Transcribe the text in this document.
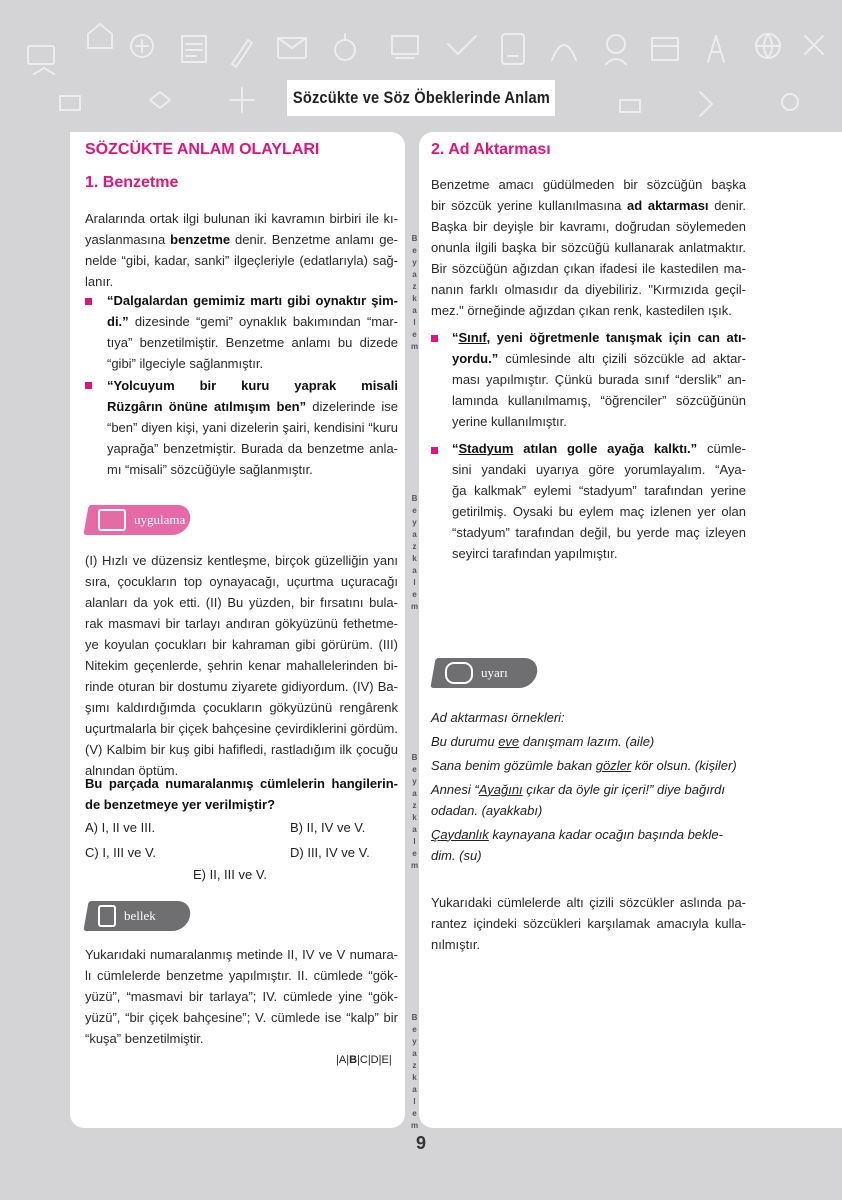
Sözcükte ve Söz Öbeklerinde Anlam
Beyazkalem
Beyazkalem
Beyazkalem
Beyazkalem
SÖZCÜKTE ANLAM OLAYLARI
1. Benzetme
Aralarında ortak ilgi bulunan iki kavramın birbiri ile kı-
yaslanmasına benzetme denir. Benzetme anlamı ge-
nelde “gibi, kadar, sanki” ilgeçleriyle (edatlarıyla) sağ-
lanır.
“Dalgalardan gemimiz martı gibi oynaktır şim-
di.” dizesinde “gemi” oynaklık bakımından “mar-
tıya” benzetilmiştir. Benzetme anlamı bu dizede
“gibi” ilgeciyle sağlanmıştır.
“Yolcuyum bir kuru yaprak misali
Rüzgârın önüne atılmışım ben” dizelerinde ise
“ben” diyen kişi, yani dizelerin şairi, kendisini “kuru
yaprağa” benzetmiştir. Burada da benzetme anla-
mı “misali” sözcüğüyle sağlanmıştır.
uygulama
(I) Hızlı ve düzensiz kentleşme, birçok güzelliğin yanı
sıra, çocukların top oynayacağı, uçurtma uçuracağı
alanları da yok etti. (II) Bu yüzden, bir fırsatını bula-
rak masmavi bir tarlayı andıran gökyüzünü fethetme-
ye koyulan çocukları bir kahraman gibi görürüm. (III)
Nitekim geçenlerde, şehrin kenar mahallelerinden bi-
rinde oturan bir dostumu ziyarete gidiyordum. (IV) Ba-
şımı kaldırdığımda çocukların gökyüzünü rengârenk
uçurtmalarla bir çiçek bahçesine çevirdiklerini gördüm.
(V) Kalbim bir kuş gibi hafifledi, rastladığım ilk çocuğu
alnından öptüm.
Bu parçada numaralanmış cümlelerin hangilerin-
de benzetmeye yer verilmiştir?
A) I, II ve III.	B) II, IV ve V.
C) I, III ve V.	D) III, IV ve V.
E) II, III ve V.
bellek
Yukarıdaki numaralanmış metinde II, IV ve V numara-
lı cümlelerde benzetme yapılmıştır. II. cümlede “gök-
yüzü”, “masmavi bir tarlaya”; IV. cümlede yine “gök-
yüzü”, “bir çiçek bahçesine”; V. cümlede ise “kalp” bir
“kuşa” benzetilmiştir.
|A|B|C|D|E|
2. Ad Aktarması
Benzetme amacı güdülmeden bir sözcüğün başka
bir sözcük yerine kullanılmasına ad aktarması denir.
Başka bir deyişle bir kavramı, doğrudan söylemeden
onunla ilgili başka bir sözcüğü kullanarak anlatmaktır.
Bir sözcüğün ağızdan çıkan ifadesi ile kastedilen ma-
nanın farklı olmasıdır da diyebiliriz. "Kırmızıda geçil-
mez." örneğinde ağızdan çıkan renk, kastedilen ışık.
“Sınıf, yeni öğretmenle tanışmak için can atı-
yordu.” cümlesinde altı çizili sözcükle ad aktar-
ması yapılmıştır. Çünkü burada sınıf “derslik” an-
lamında kullanılmamış, “öğrenciler” sözcüğünün
yerine kullanılmıştır.
“Stadyum atılan golle ayağa kalktı.” cümle-
sini yandaki uyarıya göre yorumlayalım. “Aya-
ğa kalkmak” eylemi “stadyum” tarafından yerine
getirilmiş. Oysaki bu eylem maç izlenen yer olan
“stadyum” tarafından değil, bu yerde maç izleyen
seyirci tarafından yapılmıştır.
uyarı
Ad aktarması örnekleri:
Bu durumu eve danışmam lazım. (aile)
Sana benim gözümle bakan gözler kör olsun. (kişiler)
Annesi “Ayağını çıkar da öyle gir içeri!” diye bağırdı
odadan. (ayakkabı)
Çaydanlık kaynayana kadar ocağın başında bekle-
dim. (su)
Yukarıdaki cümlelerde altı çizili sözcükler aslında pa-
rantez içindeki sözcükleri karşılamak amacıyla kulla-
nılmıştır.
9
